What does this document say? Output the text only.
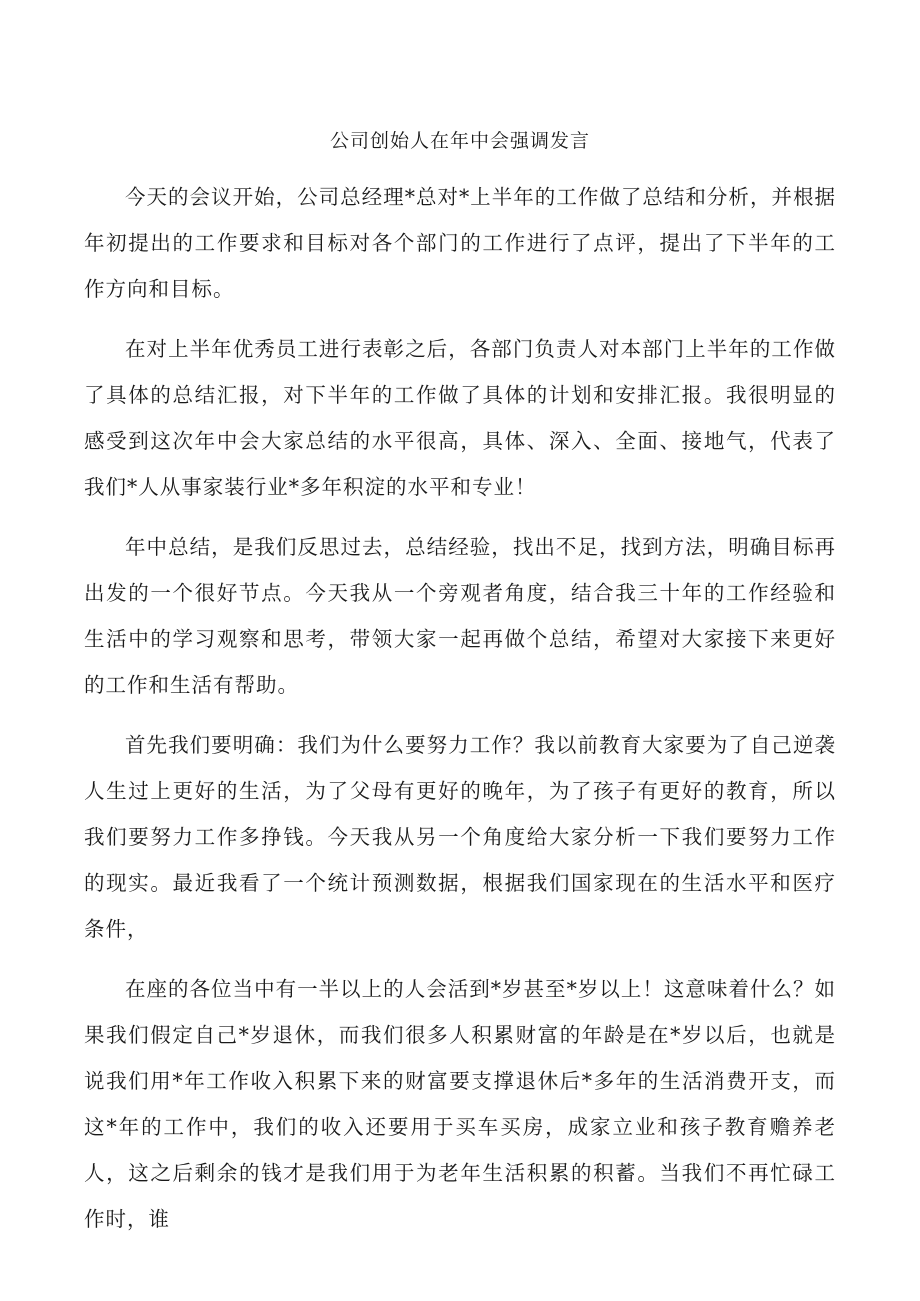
公司创始人在年中会强调发言

今天的会议开始，公司总经理*总对*上半年的工作做了总结和分析，并根据年初提出的工作要求和目标对各个部门的工作进行了点评，提出了下半年的工作方向和目标。

在对上半年优秀员工进行表彰之后，各部门负责人对本部门上半年的工作做了具体的总结汇报，对下半年的工作做了具体的计划和安排汇报。我很明显的感受到这次年中会大家总结的水平很高，具体、深入、全面、接地气，代表了我们*人从事家装行业*多年积淀的水平和专业！

年中总结，是我们反思过去，总结经验，找出不足，找到方法，明确目标再出发的一个很好节点。今天我从一个旁观者角度，结合我三十年的工作经验和生活中的学习观察和思考，带领大家一起再做个总结，希望对大家接下来更好的工作和生活有帮助。

首先我们要明确：我们为什么要努力工作？我以前教育大家要为了自己逆袭人生过上更好的生活，为了父母有更好的晚年，为了孩子有更好的教育，所以我们要努力工作多挣钱。今天我从另一个角度给大家分析一下我们要努力工作的现实。最近我看了一个统计预测数据，根据我们国家现在的生活水平和医疗条件，

在座的各位当中有一半以上的人会活到*岁甚至*岁以上！这意味着什么？如果我们假定自己*岁退休，而我们很多人积累财富的年龄是在*岁以后，也就是说我们用*年工作收入积累下来的财富要支撑退休后*多年的生活消费开支，而这*年的工作中，我们的收入还要用于买车买房，成家立业和孩子教育赡养老人，这之后剩余的钱才是我们用于为老年生活积累的积蓄。当我们不再忙碌工作时，谁
